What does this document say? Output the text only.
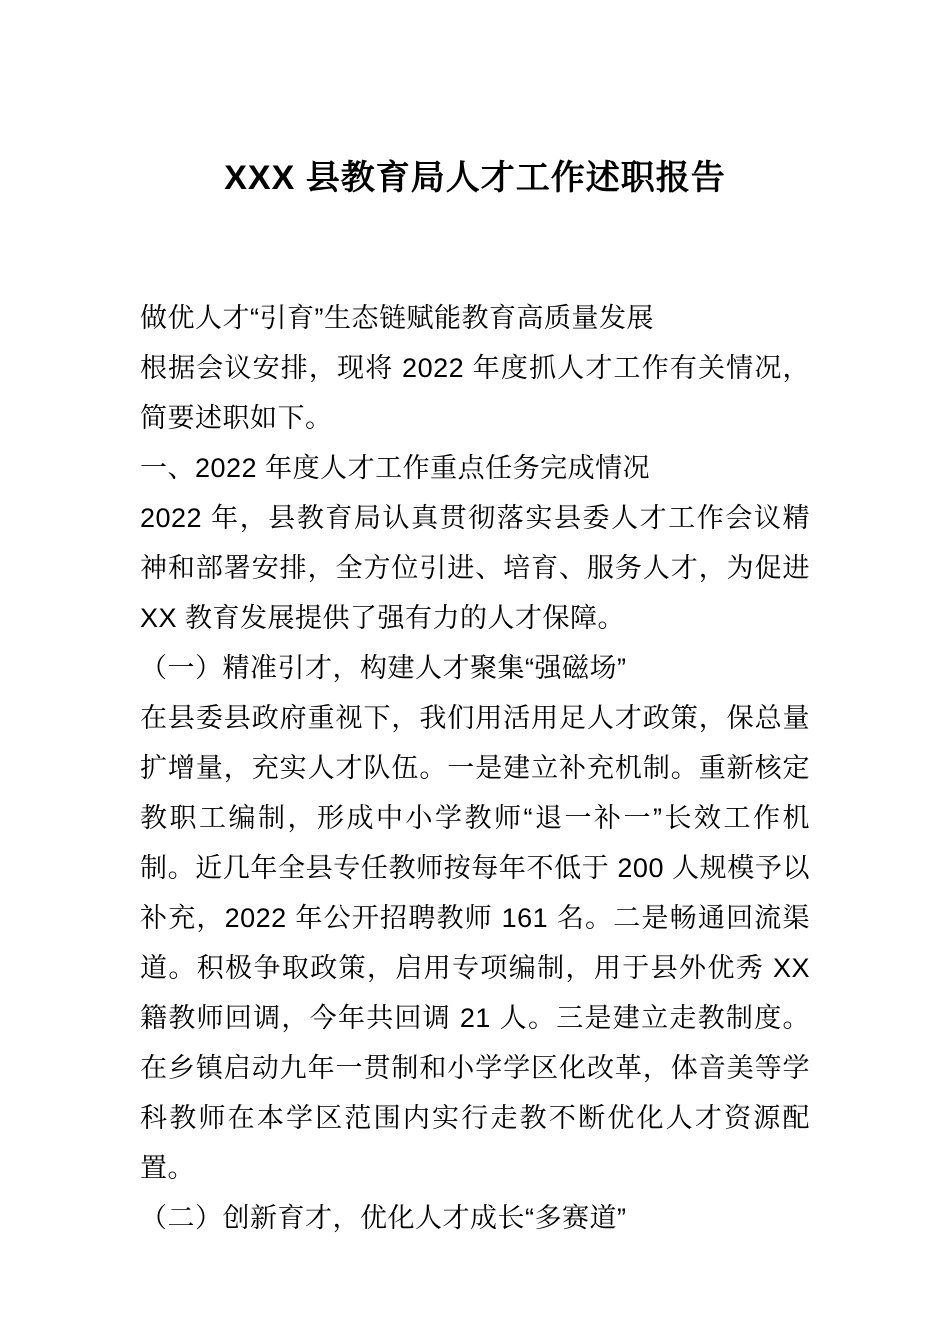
XXX 县教育局人才工作述职报告

做优人才“引育”生态链赋能教育高质量发展

根据会议安排，现将 2022 年度抓人才工作有关情况，简要述职如下。

一、2022 年度人才工作重点任务完成情况

2022 年，县教育局认真贯彻落实县委人才工作会议精神和部署安排，全方位引进、培育、服务人才，为促进 XX 教育发展提供了强有力的人才保障。

（一）精准引才，构建人才聚集“强磁场”

在县委县政府重视下，我们用活用足人才政策，保总量扩增量，充实人才队伍。一是建立补充机制。重新核定教职工编制，形成中小学教师“退一补一”长效工作机制。近几年全县专任教师按每年不低于 200 人规模予以补充，2022 年公开招聘教师 161 名。二是畅通回流渠道。积极争取政策，启用专项编制，用于县外优秀 XX 籍教师回调，今年共回调 21 人。三是建立走教制度。在乡镇启动九年一贯制和小学学区化改革，体音美等学科教师在本学区范围内实行走教不断优化人才资源配置。

（二）创新育才，优化人才成长“多赛道”
